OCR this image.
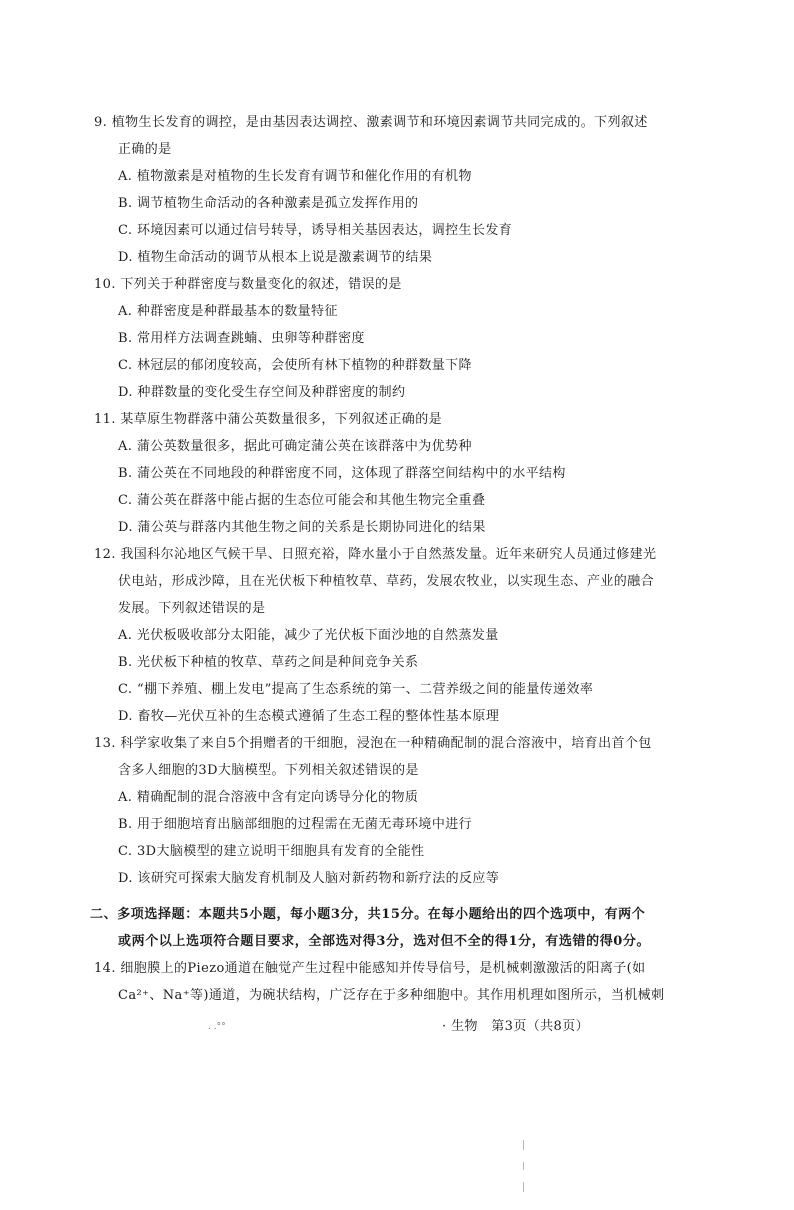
9. 植物生长发育的调控，是由基因表达调控、激素调节和环境因素调节共同完成的。下列叙述
正确的是
A. 植物激素是对植物的生长发育有调节和催化作用的有机物
B. 调节植物生命活动的各种激素是孤立发挥作用的
C. 环境因素可以通过信号转导，诱导相关基因表达，调控生长发育
D. 植物生命活动的调节从根本上说是激素调节的结果
10. 下列关于种群密度与数量变化的叙述，错误的是
A. 种群密度是种群最基本的数量特征
B. 常用样方法调查跳蝻、虫卵等种群密度
C. 林冠层的郁闭度较高，会使所有林下植物的种群数量下降
D. 种群数量的变化受生存空间及种群密度的制约
11. 某草原生物群落中蒲公英数量很多，下列叙述正确的是
A. 蒲公英数量很多，据此可确定蒲公英在该群落中为优势种
B. 蒲公英在不同地段的种群密度不同，这体现了群落空间结构中的水平结构
C. 蒲公英在群落中能占据的生态位可能会和其他生物完全重叠
D. 蒲公英与群落内其他生物之间的关系是长期协同进化的结果
12. 我国科尔沁地区气候干旱、日照充裕，降水量小于自然蒸发量。近年来研究人员通过修建光
伏电站，形成沙障，且在光伏板下种植牧草、草药，发展农牧业，以实现生态、产业的融合
发展。下列叙述错误的是
A. 光伏板吸收部分太阳能，减少了光伏板下面沙地的自然蒸发量
B. 光伏板下种植的牧草、草药之间是种间竞争关系
C. “棚下养殖、棚上发电”提高了生态系统的第一、二营养级之间的能量传递效率
D. 畜牧—光伏互补的生态模式遵循了生态工程的整体性基本原理
13. 科学家收集了来自5个捐赠者的干细胞，浸泡在一种精确配制的混合溶液中，培育出首个包
含多人细胞的3D大脑模型。下列相关叙述错误的是
A. 精确配制的混合溶液中含有定向诱导分化的物质
B. 用于细胞培育出脑部细胞的过程需在无菌无毒环境中进行
C. 3D大脑模型的建立说明干细胞具有发育的全能性
D. 该研究可探索大脑发育机制及人脑对新药物和新疗法的反应等
二、多项选择题：本题共5小题，每小题3分，共15分。在每小题给出的四个选项中，有两个
或两个以上选项符合题目要求，全部选对得3分，选对但不全的得1分，有选错的得0分。
14. 细胞膜上的Piezo通道在触觉产生过程中能感知并传导信号，是机械刺激激活的阳离子(如
Ca²⁺、Na⁺等)通道，为碗状结构，广泛存在于多种细胞中。其作用机理如图所示，当机械刺
. .°°	· 生物　第3页（共8页）
